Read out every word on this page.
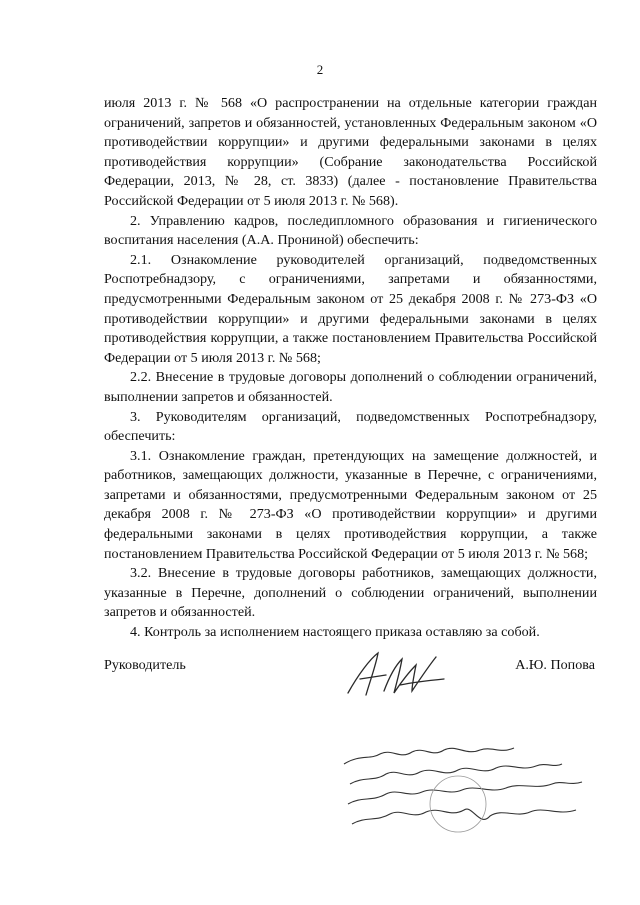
2

июля 2013 г. № 568 «О распространении на отдельные категории граждан ограничений, запретов и обязанностей, установленных Федеральным законом «О противодействии коррупции» и другими федеральными законами в целях противодействия коррупции» (Собрание законодательства Российской Федерации, 2013, № 28, ст. 3833) (далее - постановление Правительства Российской Федерации от 5 июля 2013 г. № 568).

2. Управлению кадров, последипломного образования и гигиенического воспитания населения (А.А. Прониной) обеспечить:

2.1. Ознакомление руководителей организаций, подведомственных Роспотребнадзору, с ограничениями, запретами и обязанностями, предусмотренными Федеральным законом от 25 декабря 2008 г. № 273-ФЗ «О противодействии коррупции» и другими федеральными законами в целях противодействия коррупции, а также постановлением Правительства Российской Федерации от 5 июля 2013 г. № 568;

2.2. Внесение в трудовые договоры дополнений о соблюдении ограничений, выполнении запретов и обязанностей.

3. Руководителям организаций, подведомственных Роспотребнадзору, обеспечить:

3.1. Ознакомление граждан, претендующих на замещение должностей, и работников, замещающих должности, указанные в Перечне, с ограничениями, запретами и обязанностями, предусмотренными Федеральным законом от 25 декабря 2008 г. № 273-ФЗ «О противодействии коррупции» и другими федеральными законами в целях противодействия коррупции, а также постановлением Правительства Российской Федерации от 5 июля 2013 г. № 568;

3.2. Внесение в трудовые договоры работников, замещающих должности, указанные в Перечне, дополнений о соблюдении ограничений, выполнении запретов и обязанностей.

4. Контроль за исполнением настоящего приказа оставляю за собой.

Руководитель	А.Ю. Попова
